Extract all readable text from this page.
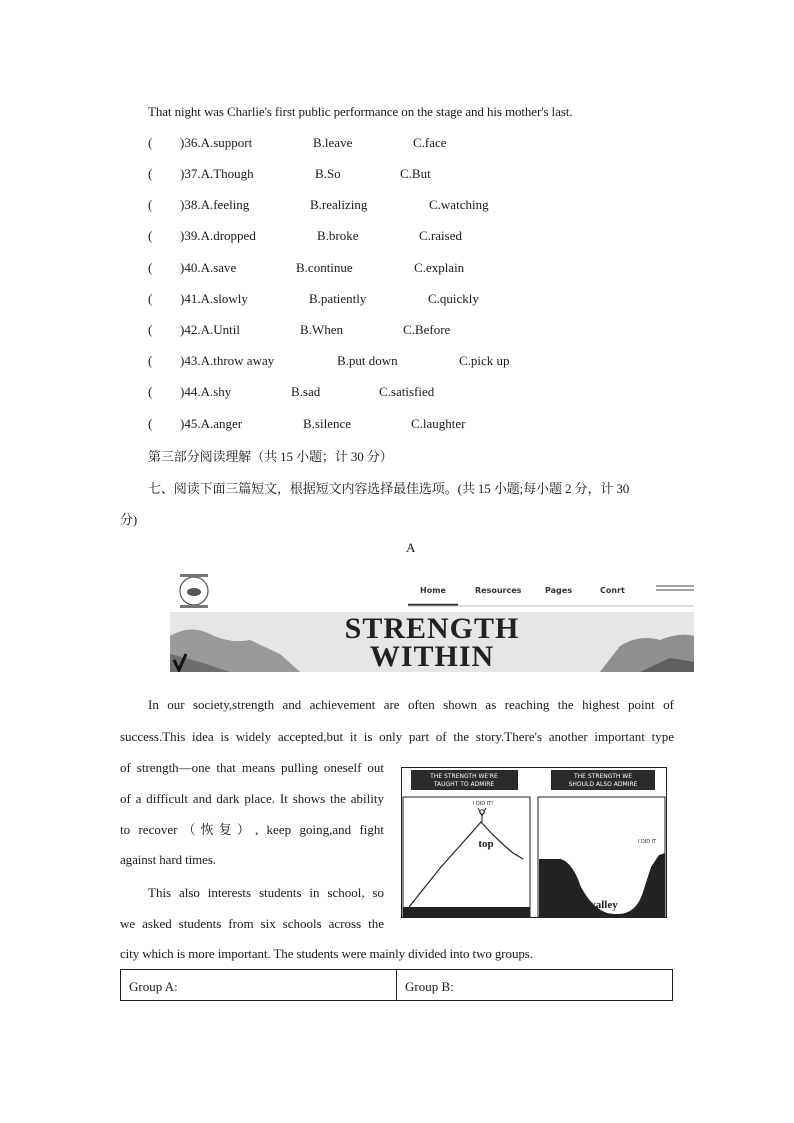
That night was Charlie's first public performance on the stage and his mother's last.
( )36.A.support	B.leave	C.face
( )37.A.Though	B.So	C.But
( )38.A.feeling	B.realizing	C.watching
( )39.A.dropped	B.broke	C.raised
( )40.A.save	B.continue	C.explain
( )41.A.slowly	B.patiently	C.quickly
( )42.A.Until	B.When	C.Before
( )43.A.throw away	B.put down	C.pick up
( )44.A.shy	B.sad	C.satisfied
( )45.A.anger	B.silence	C.laughter
第三部分阅读理解（共 15 小题；计 30 分）
七、阅读下面三篇短文，根据短文内容选择最佳选项。(共 15 小题;每小题 2 分，计 30
分)
A
Home	Resources	Pages	Conrt
STRENGTH
WITHIN
In our society,strength and achievement are often shown as reaching the highest point of
success.This idea is widely accepted,but it is only part of the story.There's another important type
of strength—one that means pulling oneself out
of a difficult and dark place. It shows the ability
to recover（恢复）, keep going,and fight
against hard times.
This also interests students in school, so
we asked students from six schools across the
city which is more important. The students were mainly divided into two groups.
THE STRENGTH WE'RE
TAUGHT TO ADMIRE
I DID IT!
top
THE STRENGTH WE
SHOULD ALSO ADMIRE
I DID IT
valley
Group A:	Group B:
